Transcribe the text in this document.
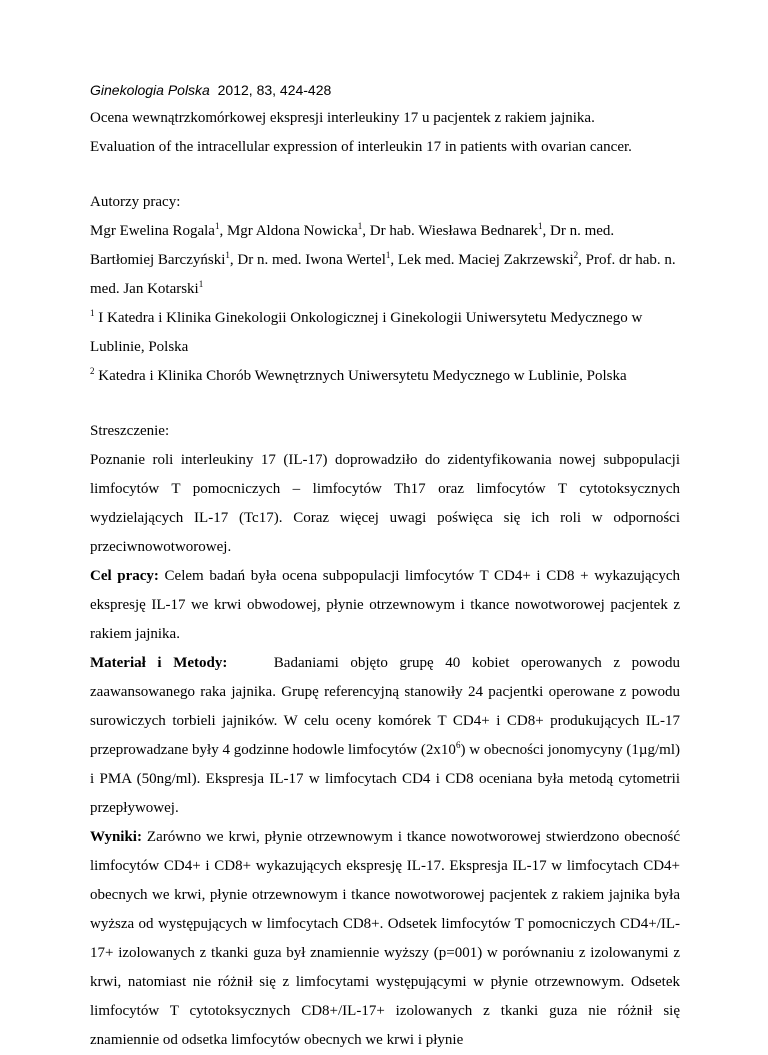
Ginekologia Polska 2012, 83, 424-428
Ocena wewnątrzkomórkowej ekspresji interleukiny 17 u pacjentek z rakiem jajnika.
Evaluation of the intracellular expression of interleukin 17 in patients with ovarian cancer.
Autorzy pracy:
Mgr Ewelina Rogala$^1$, Mgr Aldona Nowicka$^1$, Dr hab. Wiesława Bednarek$^1$, Dr n. med. Bartłomiej Barczyński$^1$, Dr n. med. Iwona Wertel$^1$, Lek med. Maciej Zakrzewski$^2$, Prof. dr hab. n. med. Jan Kotarski$^1$
$^1$ I Katedra i Klinika Ginekologii Onkologicznej i Ginekologii Uniwersytetu Medycznego w Lublinie, Polska
$^2$ Katedra i Klinika Chorób Wewnętrznych Uniwersytetu Medycznego w Lublinie, Polska
Streszczenie:
Poznanie roli interleukiny 17 (IL-17) doprowadziło do zidentyfikowania nowej subpopulacji limfocytów T pomocniczych – limfocytów Th17 oraz limfocytów T cytotoksycznych wydzielających IL-17 (Tc17). Coraz więcej uwagi poświęca się ich roli w odporności przeciwnowotworowej.
Cel pracy: Celem badań była ocena subpopulacji limfocytów T CD4+ i CD8 + wykazujących ekspresję IL-17 we krwi obwodowej, płynie otrzewnowym i tkance nowotworowej pacjentek z rakiem jajnika.
Materiał i Metody:	Badaniami objęto grupę 40 kobiet operowanych z powodu zaawansowanego raka jajnika. Grupę referencyjną stanowiły 24 pacjentki operowane z powodu surowiczych torbieli jajników. W celu oceny komórek T CD4+ i CD8+ produkujących IL-17 przeprowadzane były 4 godzinne hodowle limfocytów $(2x10^6)$ w obecności jonomycyny (1µg/ml) i PMA (50ng/ml). Ekspresja IL-17 w limfocytach CD4 i CD8 oceniana była metodą cytometrii przepływowej.
Wyniki: Zarówno we krwi, płynie otrzewnowym i tkance nowotworowej stwierdzono obecność limfocytów CD4+ i CD8+ wykazujących ekspresję IL-17. Ekspresja IL-17 w limfocytach CD4+ obecnych we krwi, płynie otrzewnowym i tkance nowotworowej pacjentek z rakiem jajnika była wyższa od występujących w limfocytach CD8+. Odsetek limfocytów T pomocniczych CD4+/IL-17+ izolowanych z tkanki guza był znamiennie wyższy (p=001) w porównaniu z izolowanymi z krwi, natomiast nie różnił się z limfocytami występującymi w płynie otrzewnowym. Odsetek limfocytów T cytotoksycznych CD8+/IL-17+ izolowanych z tkanki guza nie różnił się znamiennie od odsetka limfocytów obecnych we krwi i płynie
